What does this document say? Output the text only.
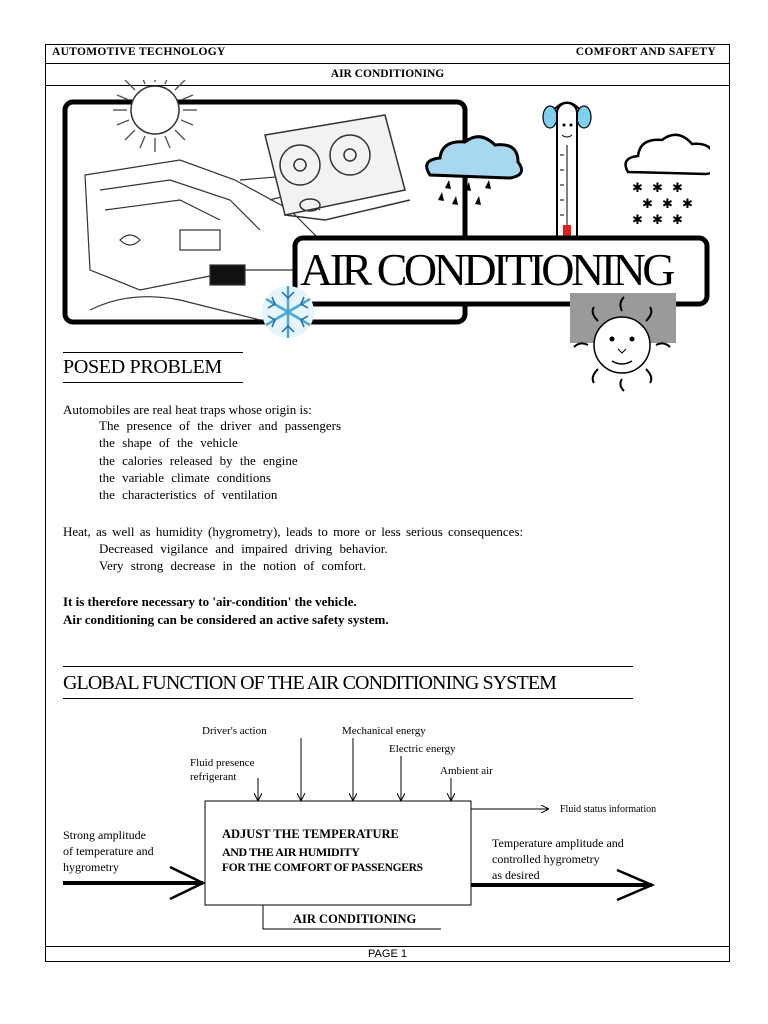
AUTOMOTIVE TECHNOLOGY	COMFORT AND SAFETY
AIR CONDITIONING
✱ ✱ ✱
✱ ✱ ✱
✱ ✱ ✱
AIR CONDITIONING
POSED PROBLEM
Automobiles are real heat traps whose origin is:
The presence of the driver and passengers
the shape of the vehicle
the calories released by the engine
the variable climate conditions
the characteristics of ventilation
Heat, as well as humidity (hygrometry), leads to more or less serious consequences:
Decreased vigilance and impaired driving behavior.
Very strong decrease in the notion of comfort.
It is therefore necessary to 'air-condition' the vehicle.
Air conditioning can be considered an active safety system.
GLOBAL FUNCTION OF THE AIR CONDITIONING SYSTEM
Driver's action	Mechanical energy
Electric energy
Ambient air
Fluid presence
refrigerant
Fluid status information
Strong amplitude
of temperature and
hygrometry
Temperature amplitude and
controlled hygrometry
as desired
ADJUST THE TEMPERATURE
AND THE AIR HUMIDITY
FOR THE COMFORT OF PASSENGERS
AIR CONDITIONING
PAGE 1
